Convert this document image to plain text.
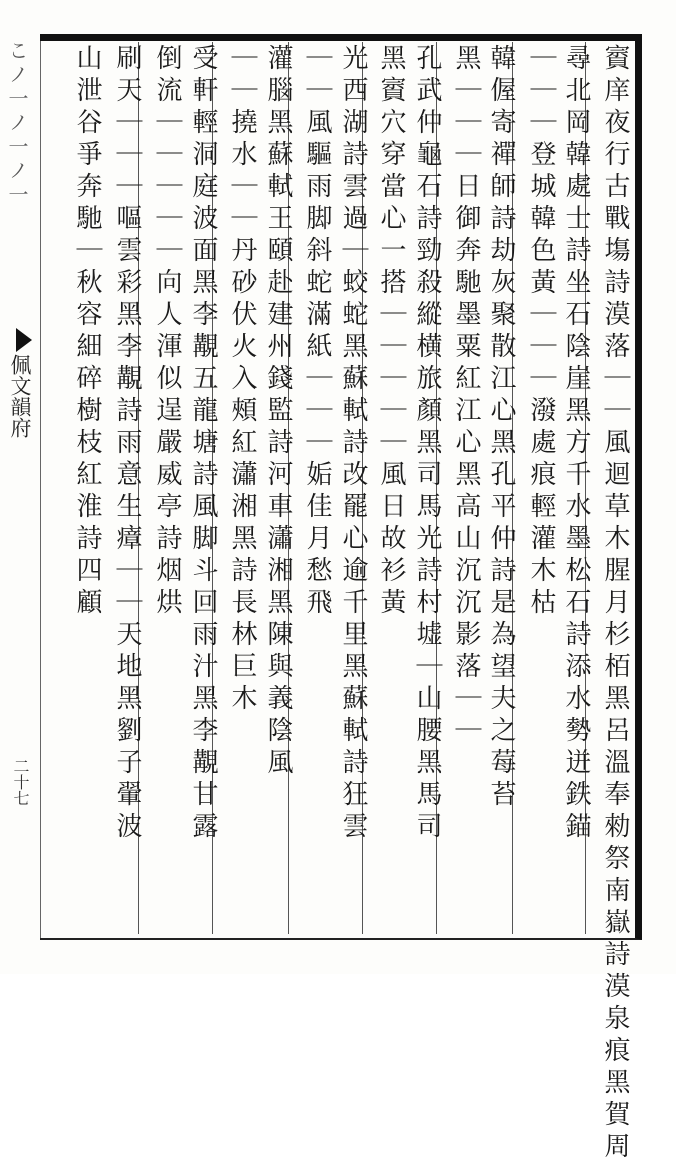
こノ一ノ一ノ一
佩文韻府
二十七	賨庠夜行古戰塲詩漠落｜｜風迴草木腥月杉栢黑呂溫奉勑祭南嶽詩漠泉痕黑賀周
尋北岡韓處士詩坐石陰崖黑方千水墨松石詩添水勢迸鉄錨
｜｜｜登城韓色黃｜｜｜潑處痕輕灌木枯
韓偓寄禪師詩劫灰聚散江心黑孔平仲詩是為望夫之莓苔
黑｜｜｜日御奔馳墨粟紅江心黑高山沉沉影落｜｜
孔武仲龜石詩勁殺縱横旅顏黑司馬光詩村墟｜山腰黑馬司
黑賨穴穿當心一搭｜｜｜｜｜風日故衫黃
光西湖詩雲過｜蛟蛇黑蘇軾詩改罷心逾千里黑蘇軾詩狂雲
｜｜風驅雨脚斜蛇滿紙｜｜｜姤佳月愁飛
灌腦黑蘇軾王頤赴建州錢監詩河車瀟湘黑陳與義陰風
｜｜撓水｜｜丹砂伏火入頰紅瀟湘黑詩長林巨木
受軒輕洞庭波面黑李覯五龍塘詩風脚斗回雨汁黑李覯甘露
倒流｜｜｜｜｜向人渾似逞嚴威亭詩烟烘
刷天｜｜｜嘔雲彩黑李覯詩雨意生瘴｜｜天地黑劉子翬波
山泄谷爭奔馳｜秋容細碎樹枝紅淮詩四顧
